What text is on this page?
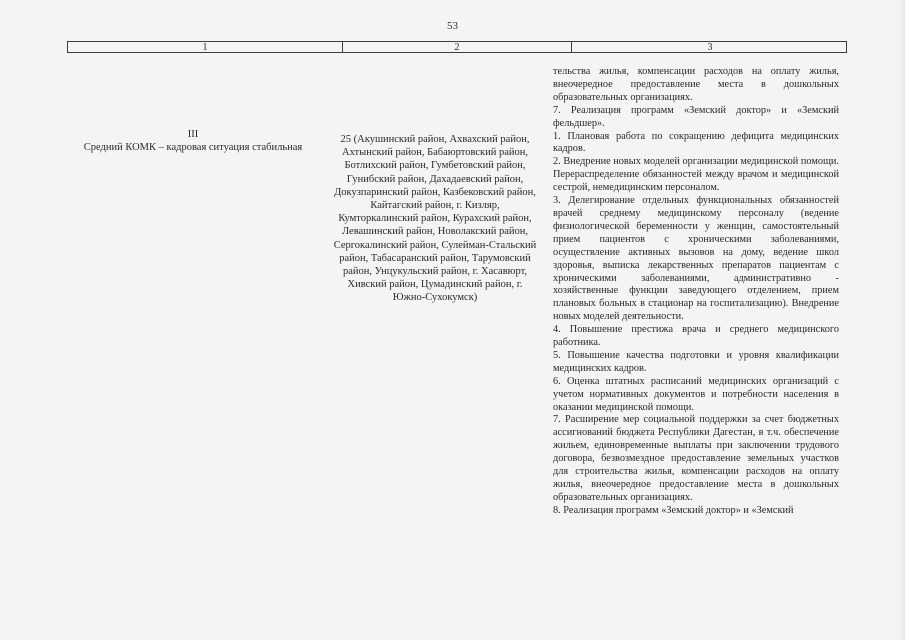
53
1	2	3
III
Средний КОМК – кадровая ситуация стабильная
25 (Акушинский район, Ахвахский район, Ахтынский район, Бабаюртовский район, Ботлихский район, Гумбетовский район, Гунибский район, Дахадаевский район, Докузпаринский район, Казбековский район, Кайтагский район, г. Кизляр, Кумторкалинский район, Курахский район, Левашинский район, Новолакский район, Сергокалинский район, Сулейман-Стальский район, Табасаранский район, Тарумовский район, Унцукульский район, г. Хасавюрт, Хивский район, Цумадинский район, г. Южно-Сухокумск)

тельства жилья, компенсации расходов на оплату жилья, внеочередное предоставление места в дошкольных образовательных организациях.

7. Реализация программ «Земский доктор» и «Земский фельдшер».

1. Плановая работа по сокращению дефицита медицинских кадров.

2. Внедрение новых моделей организации медицинской помощи. Перераспределение обязанностей между врачом и медицинской сестрой, немедицинским персоналом.

3. Делегирование отдельных функциональных обязанностей врачей среднему медицинскому персоналу (ведение физиологической беременности у женщин, самостоятельный прием пациентов с хроническими заболеваниями, осуществление активных вызовов на дому, ведение школ здоровья, выписка лекарственных препаратов пациентам с хроническими заболеваниями, административно - хозяйственные функции заведующего отделением, прием плановых больных в стационар на госпитализацию). Внедрение новых моделей деятельности.

4. Повышение престижа врача и среднего медицинского работника.

5. Повышение качества подготовки и уровня квалификации медицинских кадров.

6. Оценка штатных расписаний медицинских организаций с учетом нормативных документов и потребности населения в оказании медицинской помощи.

7. Расширение мер социальной поддержки за счет бюджетных ассигнований бюджета Республики Дагестан, в т.ч. обеспечение жильем, единовременные выплаты при заключении трудового договора, безвозмездное предоставление земельных участков для строительства жилья, компенсации расходов на оплату жилья, внеочередное предоставление места в дошкольных образовательных организациях.

8. Реализация программ «Земский доктор» и «Земский
